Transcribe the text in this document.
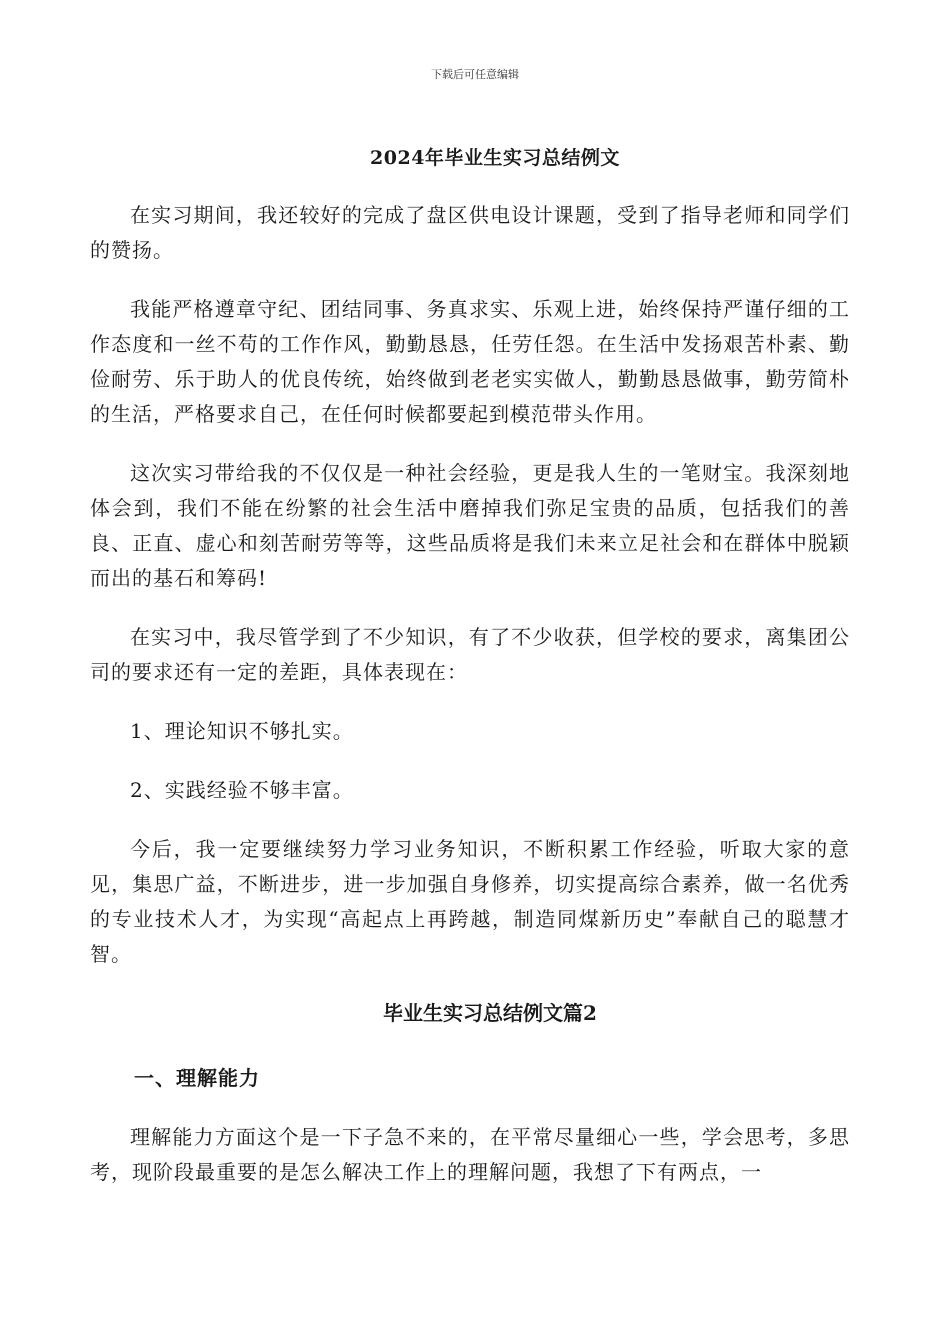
下载后可任意编辑
2024年毕业生实习总结例文

在实习期间，我还较好的完成了盘区供电设计课题，受到了指导老师和同学们的赞扬。

我能严格遵章守纪、团结同事、务真求实、乐观上进，始终保持严谨仔细的工作态度和一丝不苟的工作作风，勤勤恳恳，任劳任怨。在生活中发扬艰苦朴素、勤俭耐劳、乐于助人的优良传统，始终做到老老实实做人，勤勤恳恳做事，勤劳简朴的生活，严格要求自己，在任何时候都要起到模范带头作用。

这次实习带给我的不仅仅是一种社会经验，更是我人生的一笔财宝。我深刻地体会到，我们不能在纷繁的社会生活中磨掉我们弥足宝贵的品质，包括我们的善良、正直、虚心和刻苦耐劳等等，这些品质将是我们未来立足社会和在群体中脱颖而出的基石和筹码!

在实习中，我尽管学到了不少知识，有了不少收获，但学校的要求，离集团公司的要求还有一定的差距，具体表现在：

1、理论知识不够扎实。

2、实践经验不够丰富。

今后，我一定要继续努力学习业务知识，不断积累工作经验，听取大家的意见，集思广益，不断进步，进一步加强自身修养，切实提高综合素养，做一名优秀的专业技术人才，为实现“高起点上再跨越，制造同煤新历史”奉献自己的聪慧才智。

毕业生实习总结例文篇2
一、理解能力

理解能力方面这个是一下子急不来的，在平常尽量细心一些，学会思考，多思考，现阶段最重要的是怎么解决工作上的理解问题，我想了下有两点，一
